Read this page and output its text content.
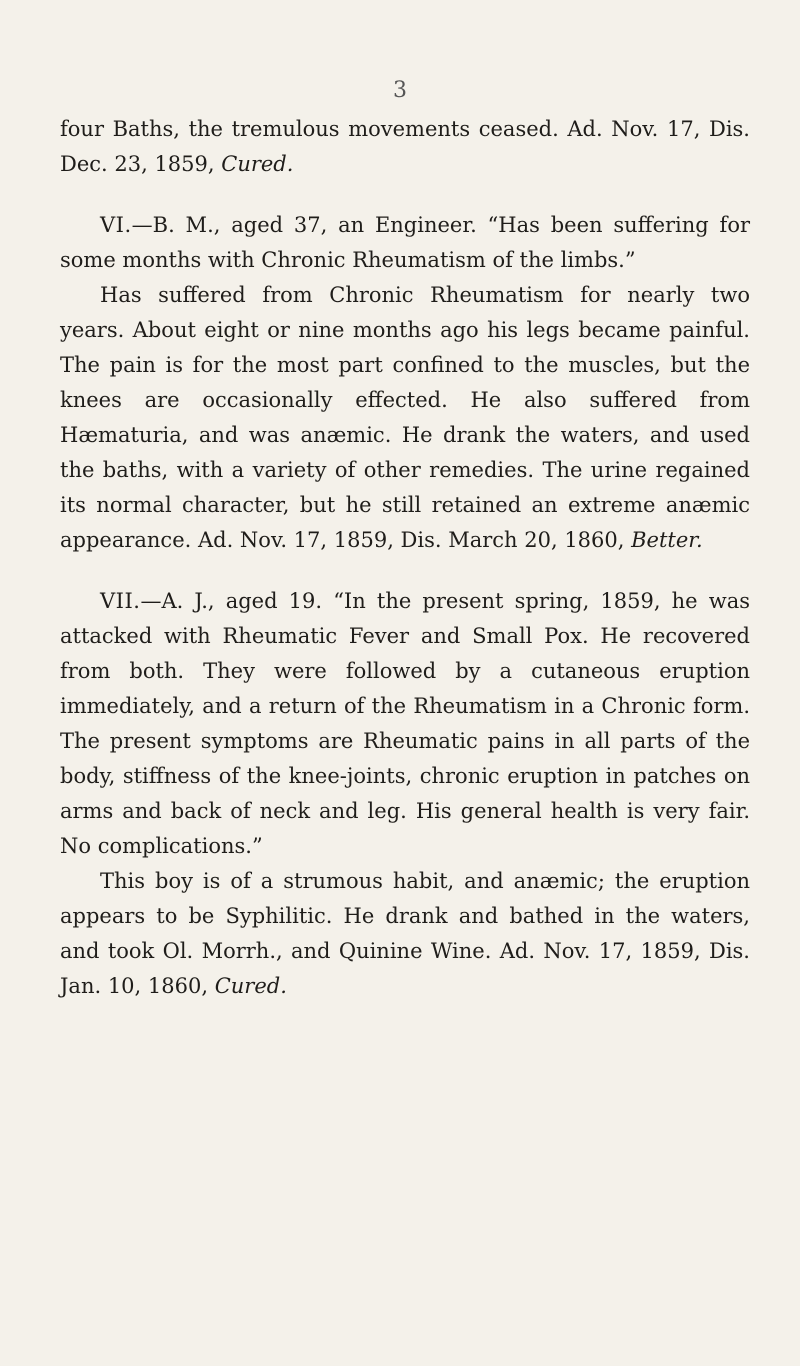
3

four Baths, the tremulous movements ceased. Ad. Nov. 17, Dis. Dec. 23, 1859, Cured.

VI.—B. M., aged 37, an Engineer. “Has been suffering for some months with Chronic Rheumatism of the limbs.”

Has suffered from Chronic Rheumatism for nearly two years. About eight or nine months ago his legs became painful. The pain is for the most part confined to the muscles, but the knees are occasionally effected. He also suffered from Hæmaturia, and was anæmic. He drank the waters, and used the baths, with a variety of other remedies. The urine regained its normal character, but he still retained an extreme anæmic appearance. Ad. Nov. 17, 1859, Dis. March 20, 1860, Better.

VII.—A. J., aged 19. “In the present spring, 1859, he was attacked with Rheumatic Fever and Small Pox. He recovered from both. They were followed by a cutaneous eruption immediately, and a return of the Rheumatism in a Chronic form. The present symptoms are Rheumatic pains in all parts of the body, stiffness of the knee-joints, chronic eruption in patches on arms and back of neck and leg. His general health is very fair. No complications.”

This boy is of a strumous habit, and anæmic; the eruption appears to be Syphilitic. He drank and bathed in the waters, and took Ol. Morrh., and Quinine Wine. Ad. Nov. 17, 1859, Dis. Jan. 10, 1860, Cured.
